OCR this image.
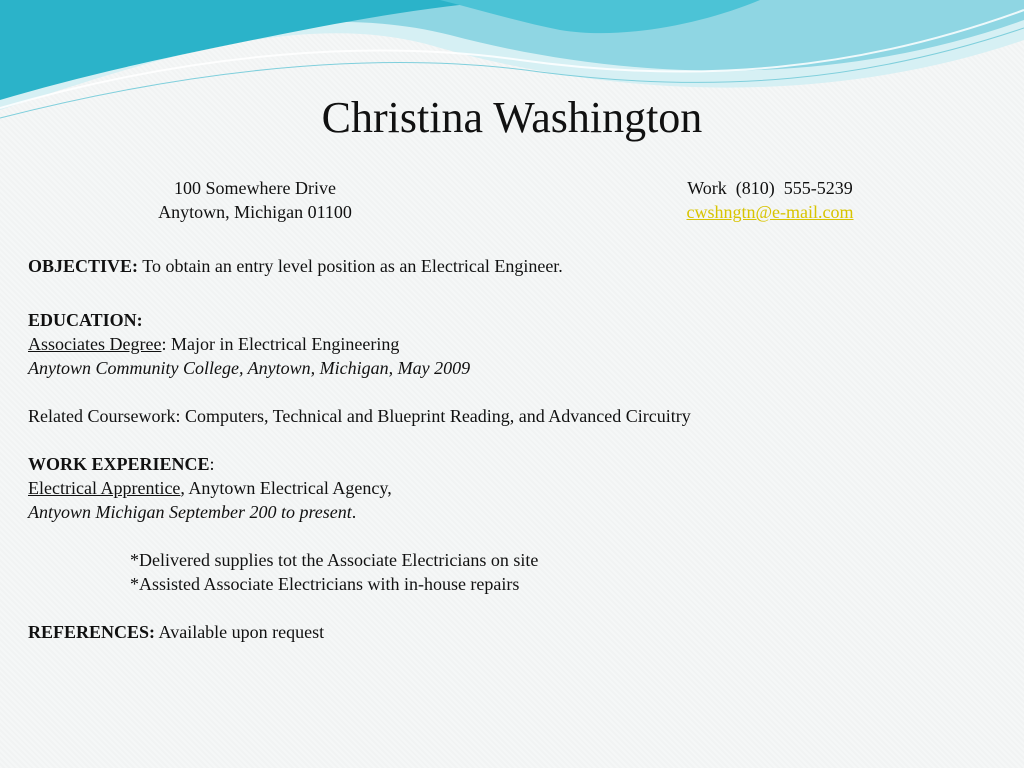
Christina Washington
100 Somewhere Drive
Anytown, Michigan 01100
Work  (810)  555-5239
cwshngtn@e-mail.com
OBJECTIVE: To obtain an entry level position as an Electrical Engineer.
EDUCATION:
Associates Degree: Major in Electrical Engineering
Anytown Community College, Anytown, Michigan, May 2009
Related Coursework: Computers, Technical and Blueprint Reading, and Advanced Circuitry
WORK EXPERIENCE:
Electrical Apprentice, Anytown Electrical Agency,
Antyown Michigan September 200 to present.
*Delivered supplies tot the Associate Electricians on site
*Assisted Associate Electricians with in-house repairs
REFERENCES: Available upon request
